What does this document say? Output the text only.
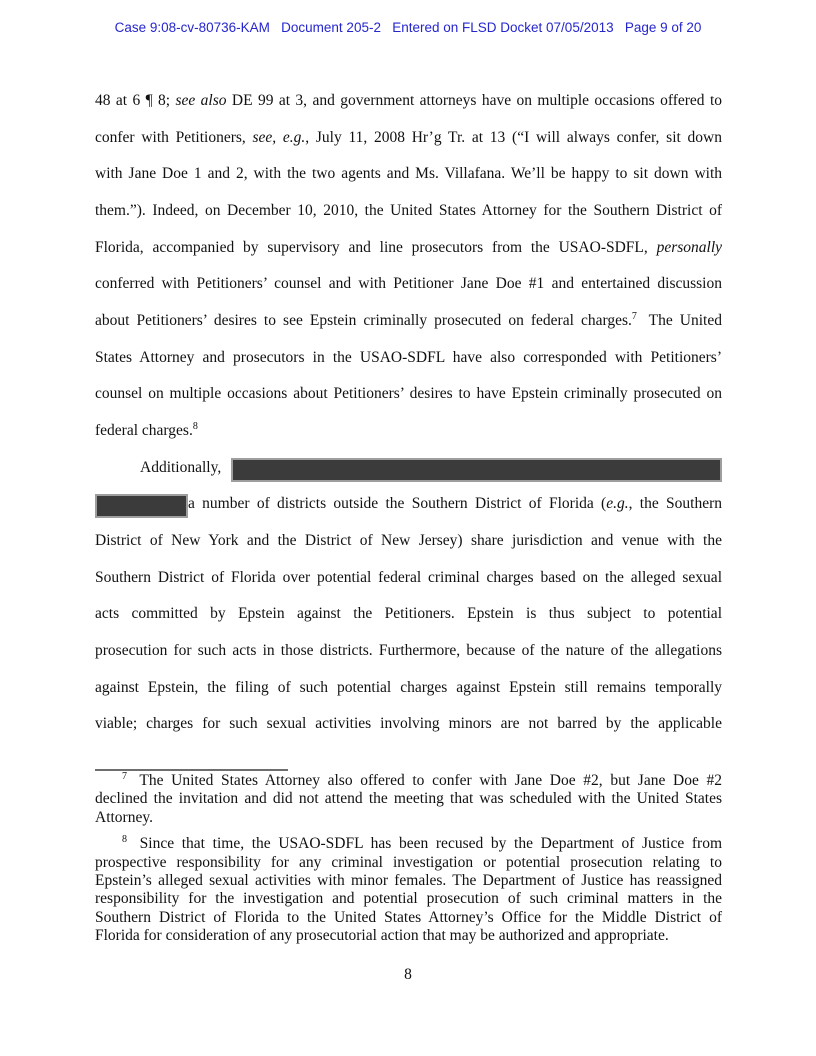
Case 9:08-cv-80736-KAM   Document 205-2   Entered on FLSD Docket 07/05/2013   Page 9 of 20
48 at 6 ¶ 8; see also DE 99 at 3, and government attorneys have on multiple occasions offered to
confer with Petitioners, see, e.g., July 11, 2008 Hr’g Tr. at 13 (“I will always confer, sit down
with Jane Doe 1 and 2, with the two agents and Ms. Villafana. We’ll be happy to sit down with
them.”). Indeed, on December 10, 2010, the United States Attorney for the Southern District of
Florida, accompanied by supervisory and line prosecutors from the USAO-SDFL, personally
conferred with Petitioners’ counsel and with Petitioner Jane Doe #1 and entertained discussion
about Petitioners’ desires to see Epstein criminally prosecuted on federal charges.$^7$ The United
States Attorney and prosecutors in the USAO-SDFL have also corresponded with Petitioners’
counsel on multiple occasions about Petitioners’ desires to have Epstein criminally prosecuted on
federal charges.$^8$
Additionally,
a number of districts outside the Southern District of Florida (e.g., the Southern
District of New York and the District of New Jersey) share jurisdiction and venue with the
Southern District of Florida over potential federal criminal charges based on the alleged sexual
acts committed by Epstein against the Petitioners. Epstein is thus subject to potential
prosecution for such acts in those districts. Furthermore, because of the nature of the allegations
against Epstein, the filing of such potential charges against Epstein still remains temporally
viable; charges for such sexual activities involving minors are not barred by the applicable
$^7$ The United States Attorney also offered to confer with Jane Doe #2, but Jane Doe #2
declined the invitation and did not attend the meeting that was scheduled with the United States
Attorney.
$^8$ Since that time, the USAO-SDFL has been recused by the Department of Justice from
prospective responsibility for any criminal investigation or potential prosecution relating to
Epstein’s alleged sexual activities with minor females. The Department of Justice has reassigned
responsibility for the investigation and potential prosecution of such criminal matters in the
Southern District of Florida to the United States Attorney’s Office for the Middle District of
Florida for consideration of any prosecutorial action that may be authorized and appropriate.
8
